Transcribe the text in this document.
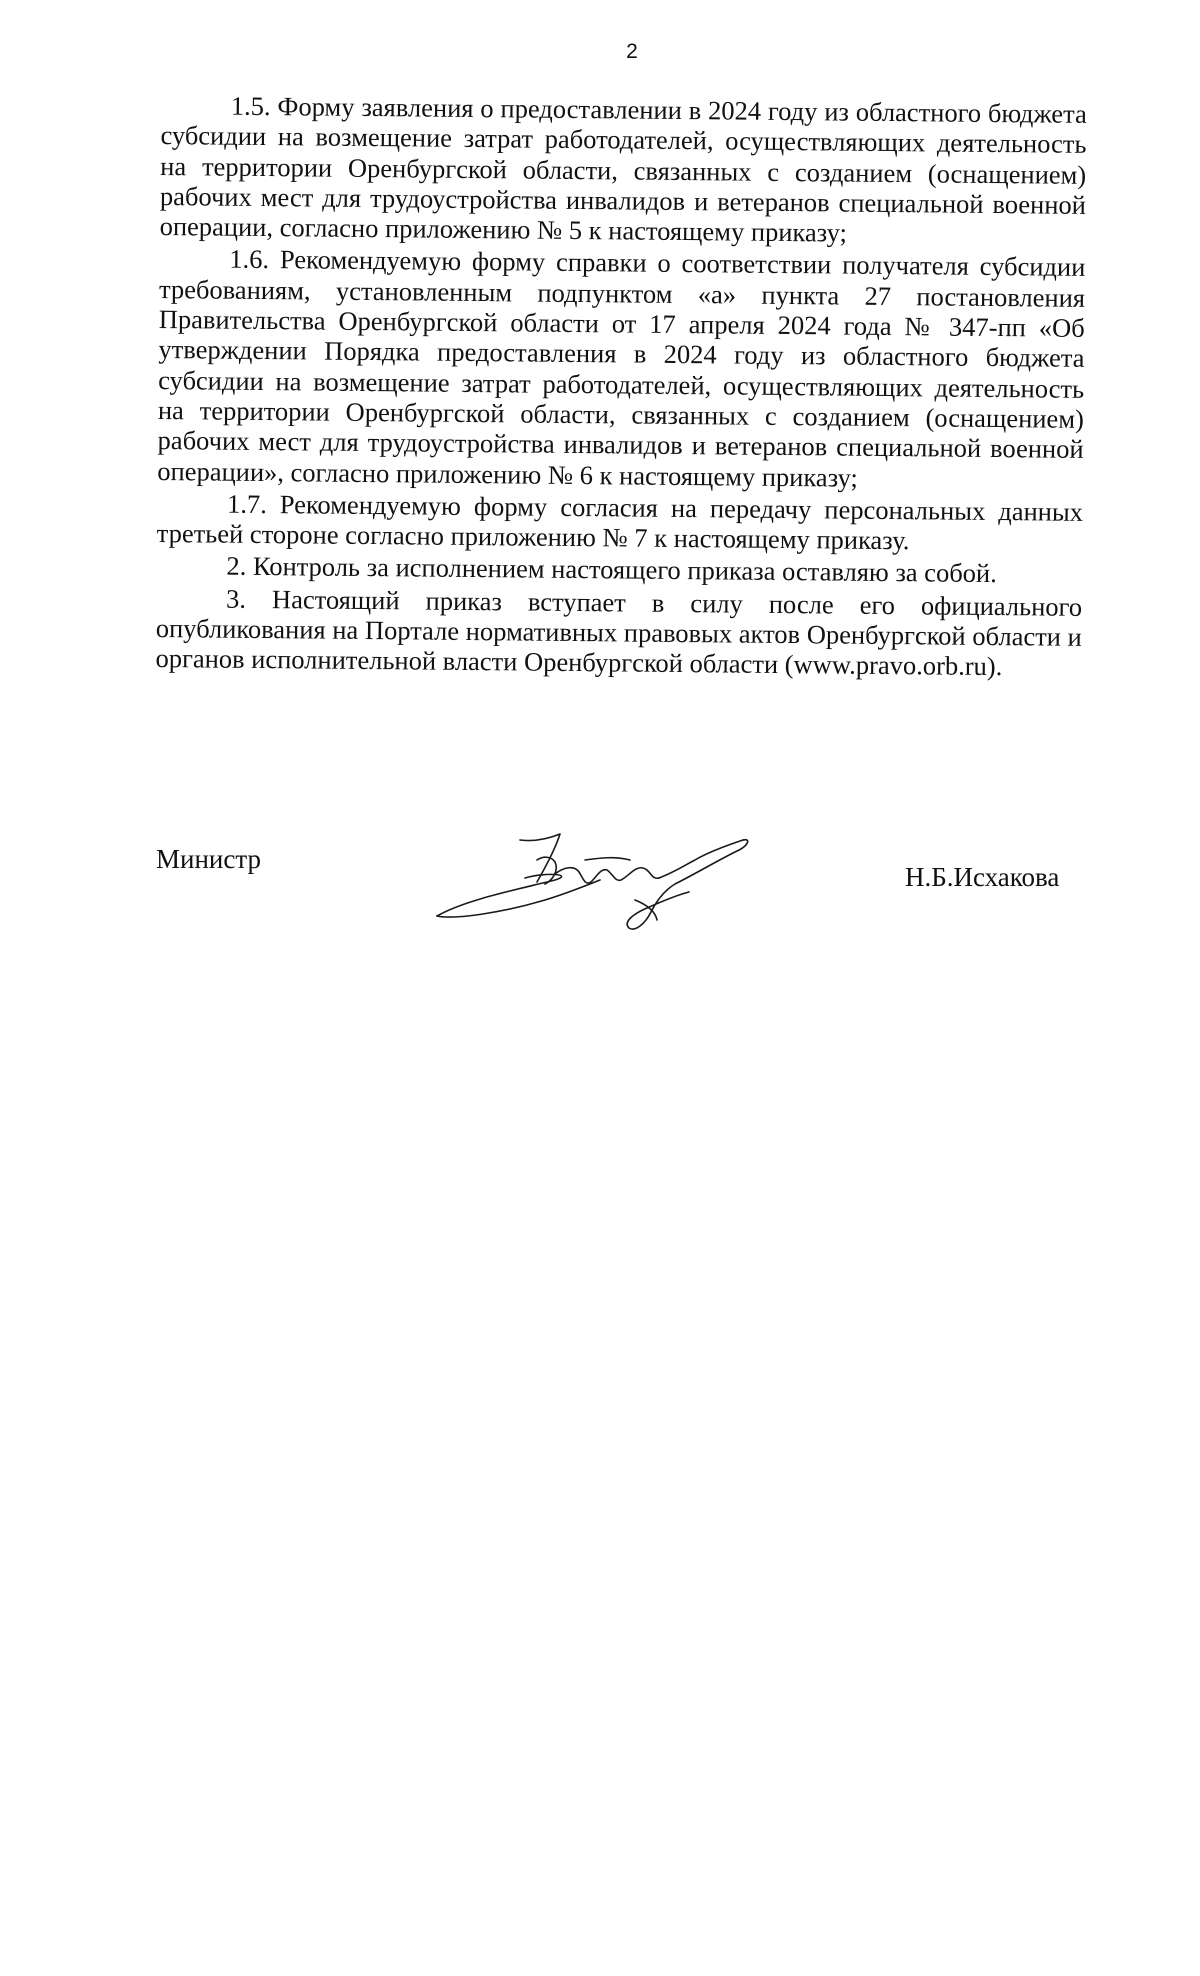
2

1.5. Форму заявления о предоставлении в 2024 году из областного бюджета субсидии на возмещение затрат работодателей, осуществляющих деятельность на территории Оренбургской области, связанных с созданием (оснащением) рабочих мест для трудоустройства инвалидов и ветеранов специальной военной операции, согласно приложению № 5 к настоящему приказу;

1.6. Рекомендуемую форму справки о соответствии получателя субсидии требованиям, установленным подпунктом «а» пункта 27 постановления Правительства Оренбургской области от 17 апреля 2024 года № 347-пп «Об утверждении Порядка предоставления в 2024 году из областного бюджета субсидии на возмещение затрат работодателей, осуществляющих деятельность на территории Оренбургской области, связанных с созданием (оснащением) рабочих мест для трудоустройства инвалидов и ветеранов специальной военной операции», согласно приложению № 6 к настоящему приказу;

1.7. Рекомендуемую форму согласия на передачу персональных данных третьей стороне согласно приложению № 7 к настоящему приказу.

2. Контроль за исполнением настоящего приказа оставляю за собой.

3. Настоящий приказ вступает в силу после его официального опубликования на Портале нормативных правовых актов Оренбургской области и органов исполнительной власти Оренбургской области (www.pravo.orb.ru).

Министр
Н.Б.Исхакова
